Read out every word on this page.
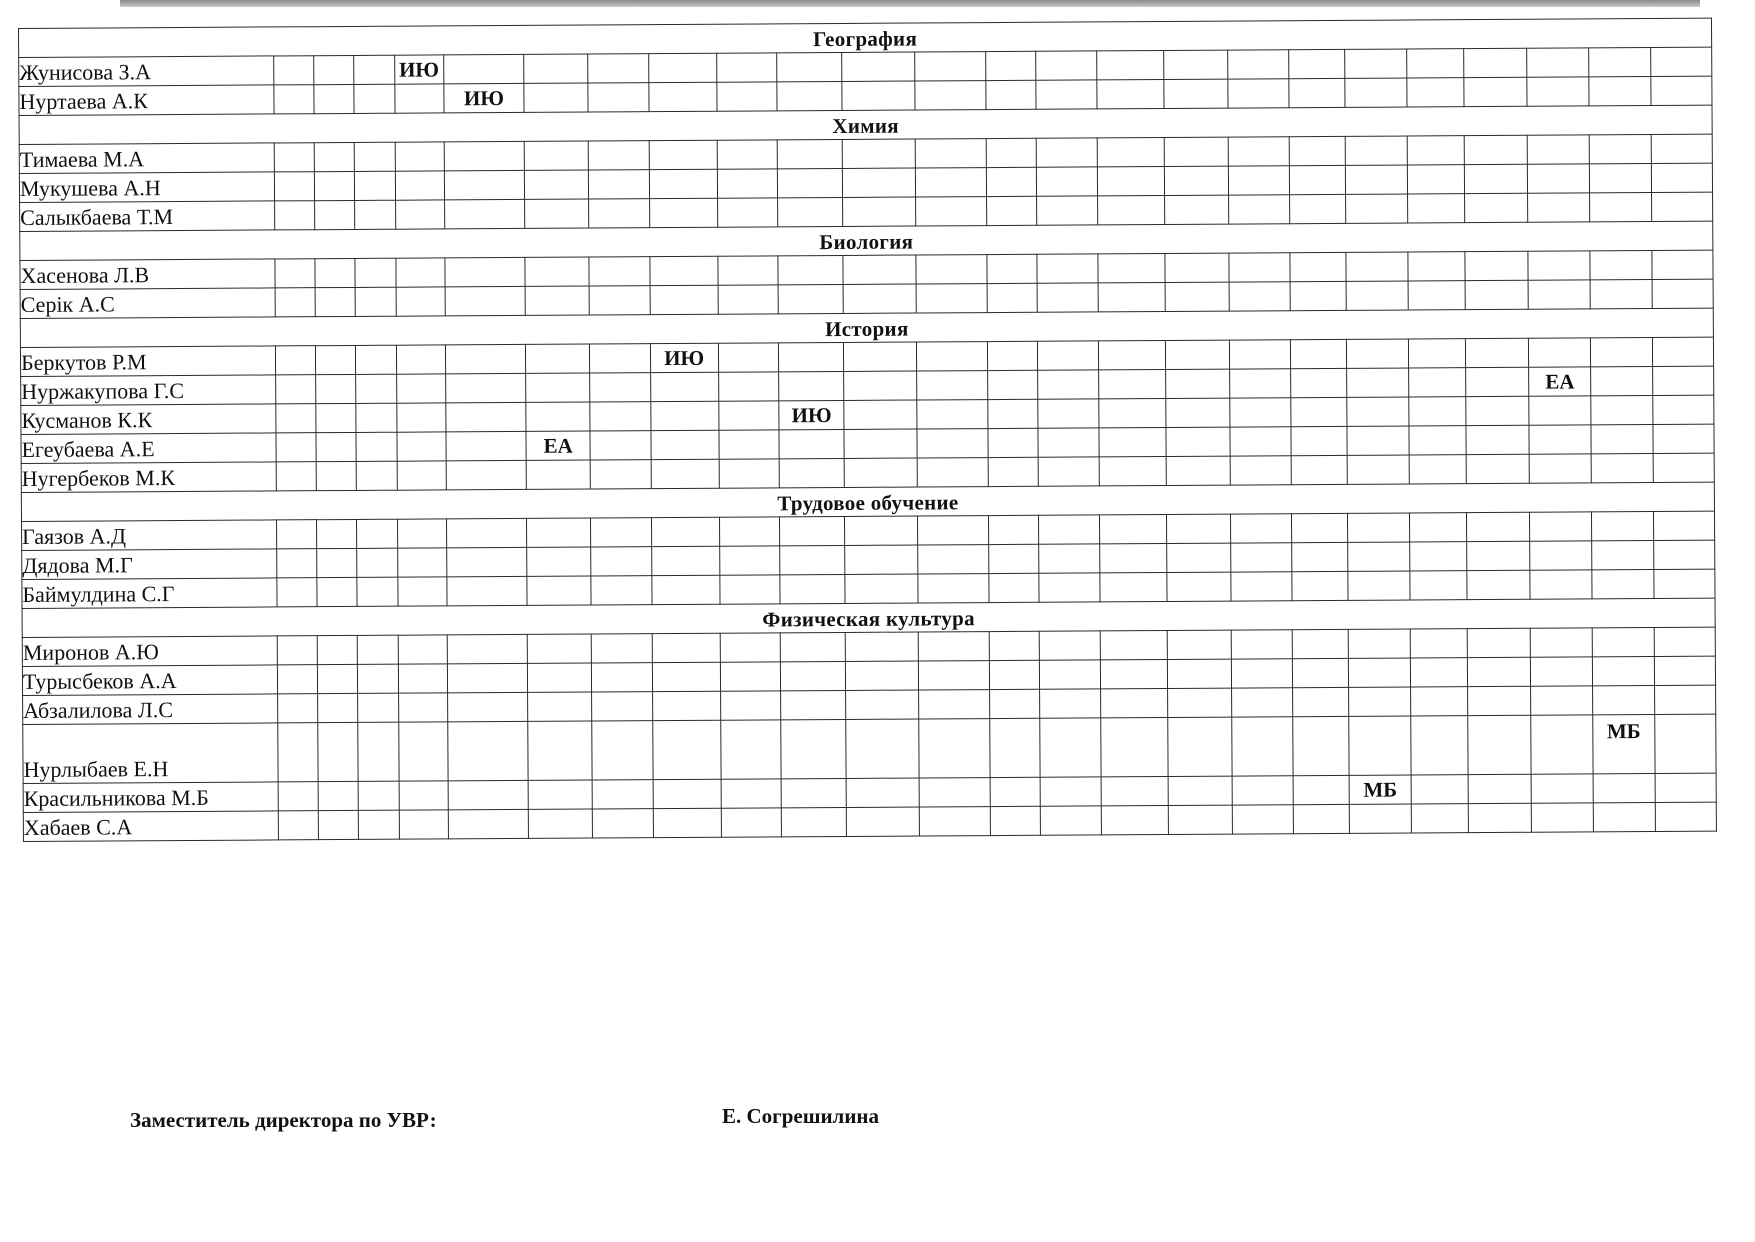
География																								
Жунисова З.А				ИЮ																				
Нуртаева А.К					ИЮ																			
Химия																								
Тимаева М.А																								
Мукушева А.Н																								
Салыкбаева Т.М																								
Биология																								
Хасенова Л.В																								
Серік А.С																								
История																								
Беркутов Р.М								ИЮ																
Нуржакупова Г.С																						ЕА		
Кусманов К.К										ИЮ														
Егеубаева А.Е						ЕА																		
Нугербеков М.К																								
Трудовое обучение																								
Гаязов А.Д																								
Дядова М.Г																								
Баймулдина С.Г																								
Физическая культура																								
Миронов А.Ю																								
Турысбеков А.А																								
Абзалилова Л.С																								
Нурлыбаев Е.Н																							МБ	
Красильникова М.Б																			МБ					
Хабаев С.А																								
Заместитель директора по УВР:	Е. Согрешилина
